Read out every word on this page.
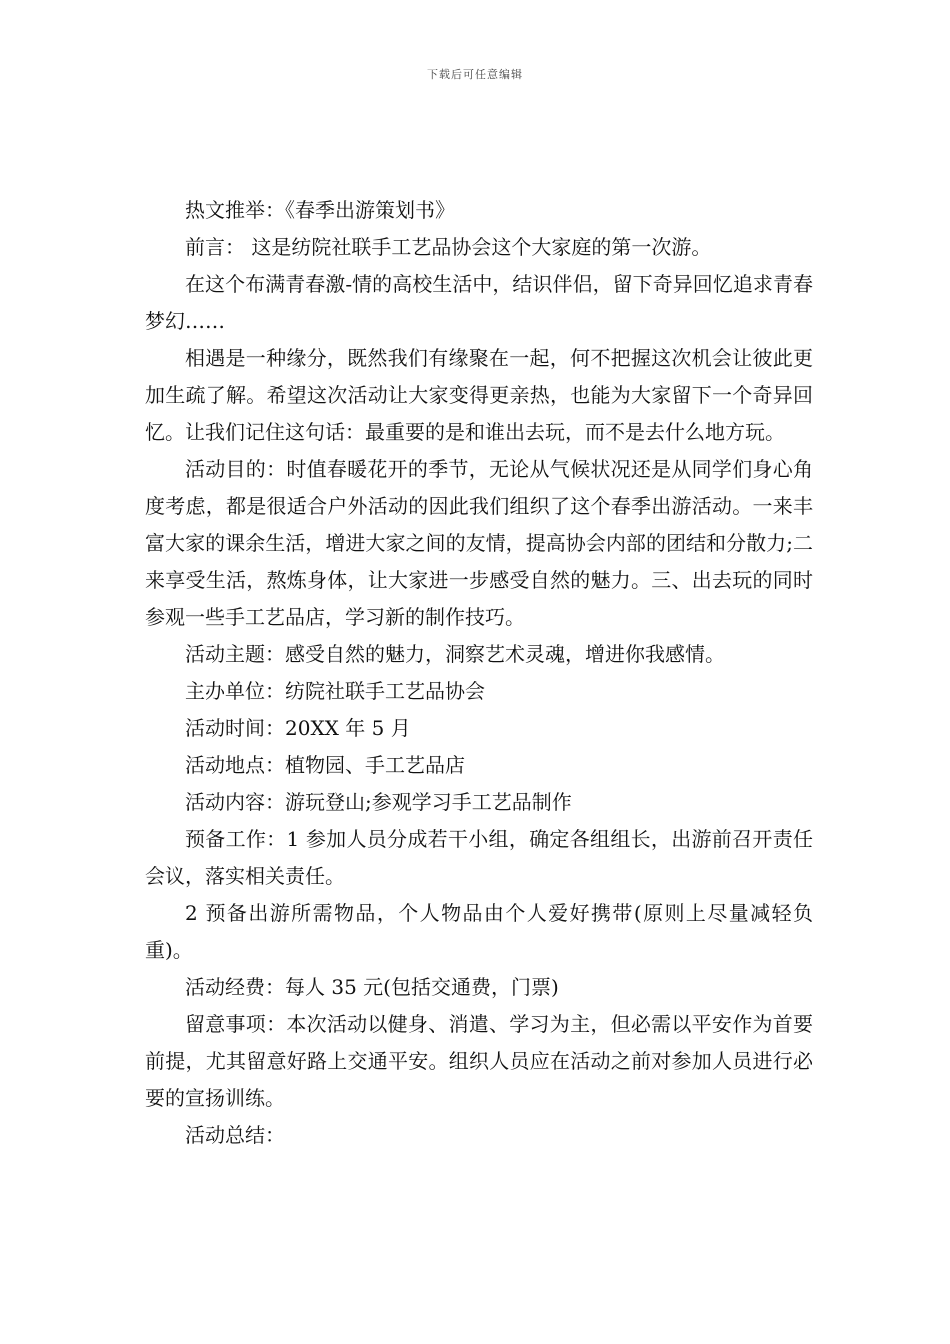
下载后可任意编辑

热文推举：《春季出游策划书》

前言： 这是纺院社联手工艺品协会这个大家庭的第一次游。

在这个布满青春激-情的高校生活中，结识伴侣，留下奇异回忆追求青春梦幻……

相遇是一种缘分，既然我们有缘聚在一起，何不把握这次机会让彼此更加生疏了解。希望这次活动让大家变得更亲热，也能为大家留下一个奇异回忆。让我们记住这句话：最重要的是和谁出去玩，而不是去什么地方玩。

活动目的：时值春暖花开的季节，无论从气候状况还是从同学们身心角度考虑，都是很适合户外活动的因此我们组织了这个春季出游活动。一来丰富大家的课余生活，增进大家之间的友情，提高协会内部的团结和分散力;二来享受生活，熬炼身体，让大家进一步感受自然的魅力。三、出去玩的同时参观一些手工艺品店，学习新的制作技巧。

活动主题：感受自然的魅力，洞察艺术灵魂，增进你我感情。

主办单位：纺院社联手工艺品协会

活动时间：20XX 年 5 月

活动地点：植物园、手工艺品店

活动内容：游玩登山;参观学习手工艺品制作

预备工作：1 参加人员分成若干小组，确定各组组长，出游前召开责任会议，落实相关责任。

2 预备出游所需物品，个人物品由个人爱好携带(原则上尽量减轻负重)。

活动经费：每人 35 元(包括交通费，门票)

留意事项：本次活动以健身、消遣、学习为主，但必需以平安作为首要前提，尤其留意好路上交通平安。组织人员应在活动之前对参加人员进行必要的宣扬训练。

活动总结：
